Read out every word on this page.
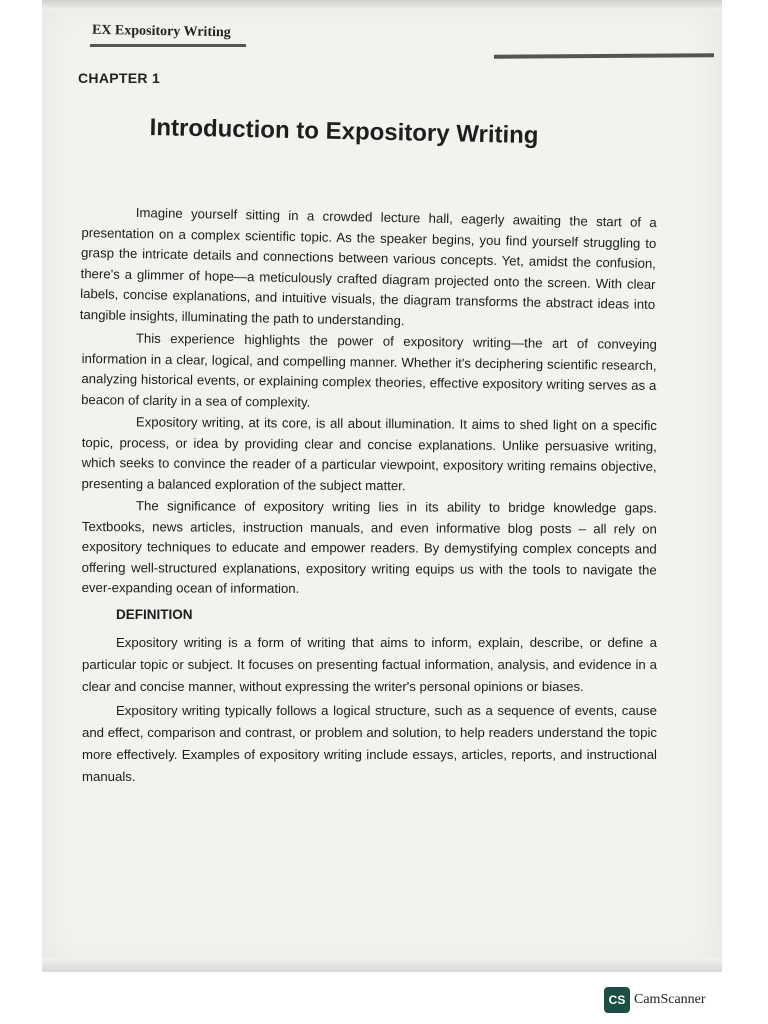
EX Expository Writing
CHAPTER 1
Introduction to Expository Writing

Imagine yourself sitting in a crowded lecture hall, eagerly awaiting the start of a presentation on a complex scientific topic. As the speaker begins, you find yourself struggling to grasp the intricate details and connections between various concepts. Yet, amidst the confusion, there's a glimmer of hope—a meticulously crafted diagram projected onto the screen. With clear labels, concise explanations, and intuitive visuals, the diagram transforms the abstract ideas into tangible insights, illuminating the path to understanding.

This experience highlights the power of expository writing—the art of conveying information in a clear, logical, and compelling manner. Whether it's deciphering scientific research, analyzing historical events, or explaining complex theories, effective expository writing serves as a beacon of clarity in a sea of complexity.

Expository writing, at its core, is all about illumination. It aims to shed light on a specific topic, process, or idea by providing clear and concise explanations. Unlike persuasive writing, which seeks to convince the reader of a particular viewpoint, expository writing remains objective, presenting a balanced exploration of the subject matter.

The significance of expository writing lies in its ability to bridge knowledge gaps. Textbooks, news articles, instruction manuals, and even informative blog posts – all rely on expository techniques to educate and empower readers. By demystifying complex concepts and offering well-structured explanations, expository writing equips us with the tools to navigate the ever-expanding ocean of information.

DEFINITION

Expository writing is a form of writing that aims to inform, explain, describe, or define a particular topic or subject. It focuses on presenting factual information, analysis, and evidence in a clear and concise manner, without expressing the writer's personal opinions or biases.

Expository writing typically follows a logical structure, such as a sequence of events, cause and effect, comparison and contrast, or problem and solution, to help readers understand the topic more effectively. Examples of expository writing include essays, articles, reports, and instructional manuals.

CS CamScanner
